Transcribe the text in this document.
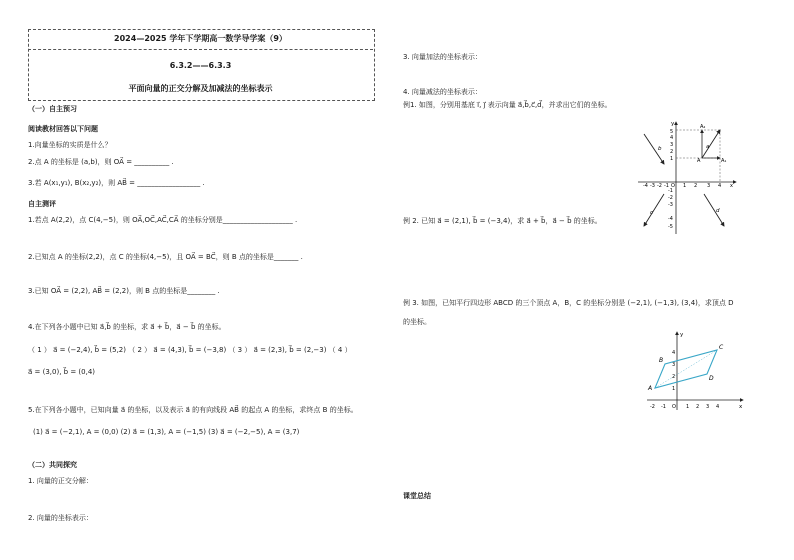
2024—2025 学年下学期高一数学导学案（9）
6.3.2——6.3.3
平面向量的正交分解及加减法的坐标表示
（一）自主预习
阅读教材回答以下问题
1.向量坐标的实质是什么？
2.点 A 的坐标是 (a,b)，则 OA⃗ = __________ .
3.若 A(x₁,y₁), B(x₂,y₂)，则 AB⃗ = __________________ .
自主测评
1.若点 A(2,2)，点 C(4,−5)，则 OA⃗,OC⃗,AC⃗,CA⃗ 的坐标分别是____________________ .
2.已知点 A 的坐标(2,2)，点 C 的坐标(4,−5)，且 OA⃗ = BC⃗，则 B 点的坐标是_______ .
3.已知 OA⃗ = (2,2), AB⃗ = (2,2)，则 B 点的坐标是________ .
4.在下列各小题中已知 a⃗,b⃗ 的坐标，求 a⃗ + b⃗，a⃗ − b⃗ 的坐标。
（ 1 ） a⃗ = (−2,4), b⃗ = (5,2) （ 2 ） a⃗ = (4,3), b⃗ = (−3,8) （ 3 ） a⃗ = (2,3), b⃗ = (2,−3) （ 4 ）
a⃗ = (3,0), b⃗ = (0,4)
5.在下列各小题中，已知向量 a⃗ 的坐标，以及表示 a⃗ 的有向线段 AB⃗ 的起点 A 的坐标，求终点 B 的坐标。
(1) a⃗ = (−2,1), A = (0,0) (2) a⃗ = (1,3), A = (−1,5) (3) a⃗ = (−2,−5), A = (3,7)
（二）共同探究
1. 向量的正交分解：
2. 向量的坐标表示：
3. 向量加法的坐标表示：
4. 向量减法的坐标表示：
例1. 如图，分别用基底 i⃗, j⃗ 表示向量 a⃗,b⃗,c⃗,d⃗，并求出它们的坐标。
例 2. 已知 a⃗ = (2,1), b⃗ = (−3,4)，求 a⃗ + b⃗，a⃗ − b⃗ 的坐标。
例 3. 如图，已知平行四边形 ABCD 的三个顶点 A，B，C 的坐标分别是 (−2,1), (−1,3), (3,4)，求顶点 D
的坐标。
课堂总结
y
5
4
3
2
1
-1
-2
-3
-4
-5
-4 -3 -2 -1 O 1 2 3 4 x
a
b
c	d
A	A₁
A₂
y
x
O
-2 -1	1 2 3 4
1
2
3
4
A
B
C
D
